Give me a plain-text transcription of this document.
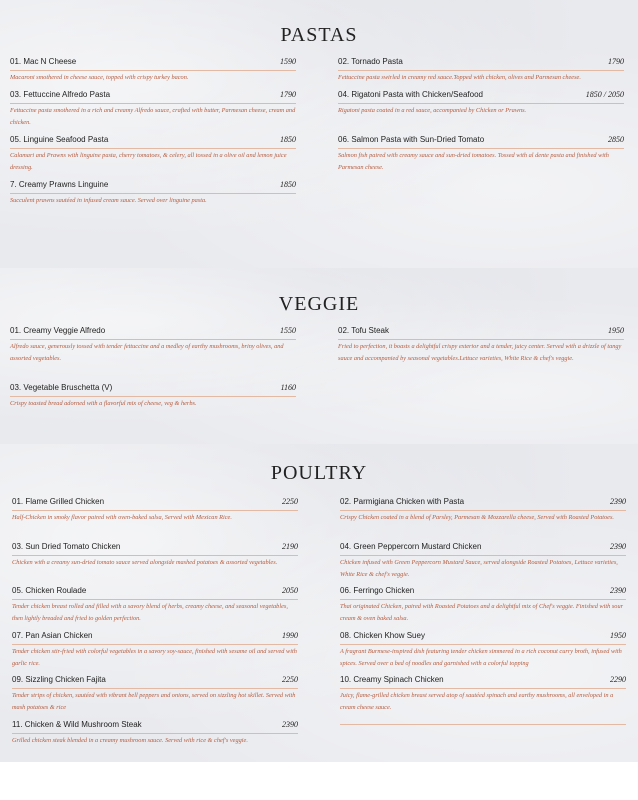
PASTAS
01. Mac N Cheese	1590
Macaroni smothered in cheese sauce, topped with crispy turkey bacon.
02. Tornado Pasta	1790
Fettuccine pasta swirled in creamy red sauce.Topped with chicken, olives and Parmesan cheese.
03. Fettuccine Alfredo Pasta	1790
Fettuccine pasta smothered in a rich and creamy Alfredo sauce, crafted with butter, Parmesan cheese, cream and chicken.
04. Rigatoni Pasta with Chicken/Seafood	1850 / 2050
Rigatoni pasta coated in a red sauce, accompanied by Chicken or Prawns.
05. Linguine Seafood Pasta	1850
Calamari and Prawns with linguine pasta, cherry tomatoes, & celery, all tossed in a olive oil and lemon juice dressing.
06. Salmon Pasta with Sun-Dried Tomato	2850
Salmon fish paired with creamy sauce and sun-dried tomatoes. Tossed with al dente pasta and finished with Parmesan cheese.
7. Creamy Prawns Linguine	1850
Succulent prawns sautéed in infused cream sauce. Served over linguine pasta.
VEGGIE
01. Creamy Veggie Alfredo	1550
Alfredo sauce, generously tossed with tender fettuccine and a medley of earthy mushrooms, briny olives, and assorted vegetables.
02. Tofu Steak	1950
Fried to perfection, it boasts a delightful crispy exterior and a tender, juicy center. Served with a drizzle of tangy sauce and accompanied by seasonal vegetables.Lettuce varieties, White Rice & chef's veggie.
03. Vegetable Bruschetta (V)	1160
Crispy toasted bread adorned with a flavorful mix of cheese, veg & herbs.
POULTRY
01. Flame Grilled Chicken	2250
Half-Chicken in smoky flavor paired with oven-baked salsa, Served with Mexican Rice.
02. Parmigiana Chicken with Pasta	2390
Crispy Chicken coated in a blend of Parsley, Parmesan & Mozzarella cheese, Served with Roasted Potatoes.
03. Sun Dried Tomato Chicken	2190
Chicken with a creamy sun-dried tomato sauce served alongside mashed potatoes & assorted vegetables.
04. Green Peppercorn Mustard Chicken	2390
Chicken infused with Green Peppercorn Mustard Sauce, served alongside Roasted Potatoes, Lettuce varieties, White Rice & chef's veggie.
05. Chicken Roulade	2050
Tender chicken breast rolled and filled with a savory blend of herbs, creamy cheese, and seasonal vegetables, then lightly breaded and fried to golden perfection.
06. Ferringo Chicken	2390
Thai originated Chicken, paired with Roasted Potatoes and a delightful mix of Chef's veggie. Finished with sour cream & oven baked salsa.
07. Pan Asian Chicken	1990
Tender chicken stir-fried with colorful vegetables in a savory soy-sauce, finished with sesame oil and served with garlic rice.
08. Chicken Khow Suey	1950
A fragrant Burmese-inspired dish featuring tender chicken simmered in a rich coconut curry broth, infused with spices. Served over a bed of noodles and garnished with a colorful topping
09. Sizzling Chicken Fajita	2250
Tender strips of chicken, sautéed with vibrant bell peppers and onions, served on sizzling hot skillet. Served with mash potatoes & rice
10. Creamy Spinach Chicken	2290
Juicy, flame-grilled chicken breast served atop of sautéed spinach and earthy mushrooms, all enveloped in a cream cheese sauce.
11. Chicken & Wild Mushroom Steak	2390
Grilled chicken steak blended in a creamy mushroom sauce. Served with rice & chef's veggie.
